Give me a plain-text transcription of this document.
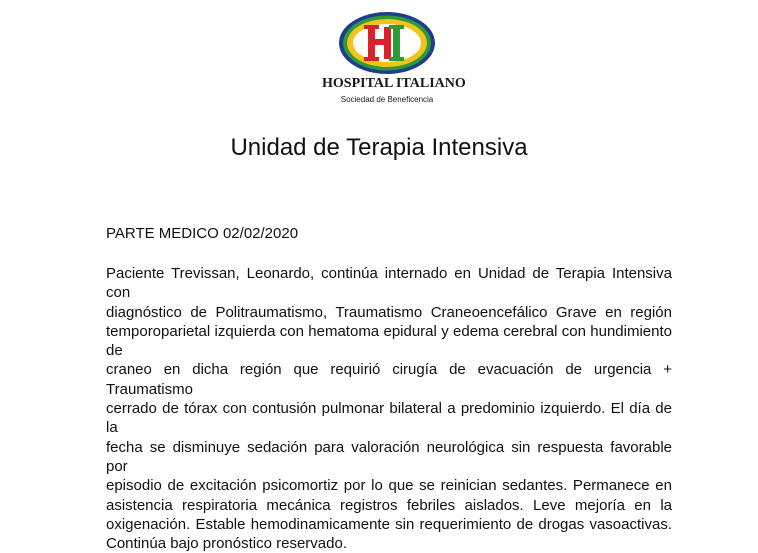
HOSPITAL ITALIANO
Sociedad de Beneficencia
Unidad de Terapia Intensiva
PARTE MEDICO 02/02/2020
Paciente Trevissan, Leonardo, continúa internado en Unidad de Terapia Intensiva con
diagnóstico de Politraumatismo, Traumatismo Craneoencefálico Grave en región
temporoparietal izquierda con hematoma epidural y edema cerebral con hundimiento de
craneo en dicha región que requirió cirugía de evacuación de urgencia + Traumatismo
cerrado de tórax con contusión pulmonar bilateral a predominio izquierdo. El día de la
fecha se disminuye sedación para valoración neurológica sin respuesta favorable por
episodio de excitación psicomortiz por lo que se reinician sedantes. Permanece en
asistencia respiratoria mecánica registros febriles aislados. Leve mejoría en la
oxigenación. Estable hemodinamicamente sin requerimiento de drogas vasoactivas.
Continúa bajo pronóstico reservado.
